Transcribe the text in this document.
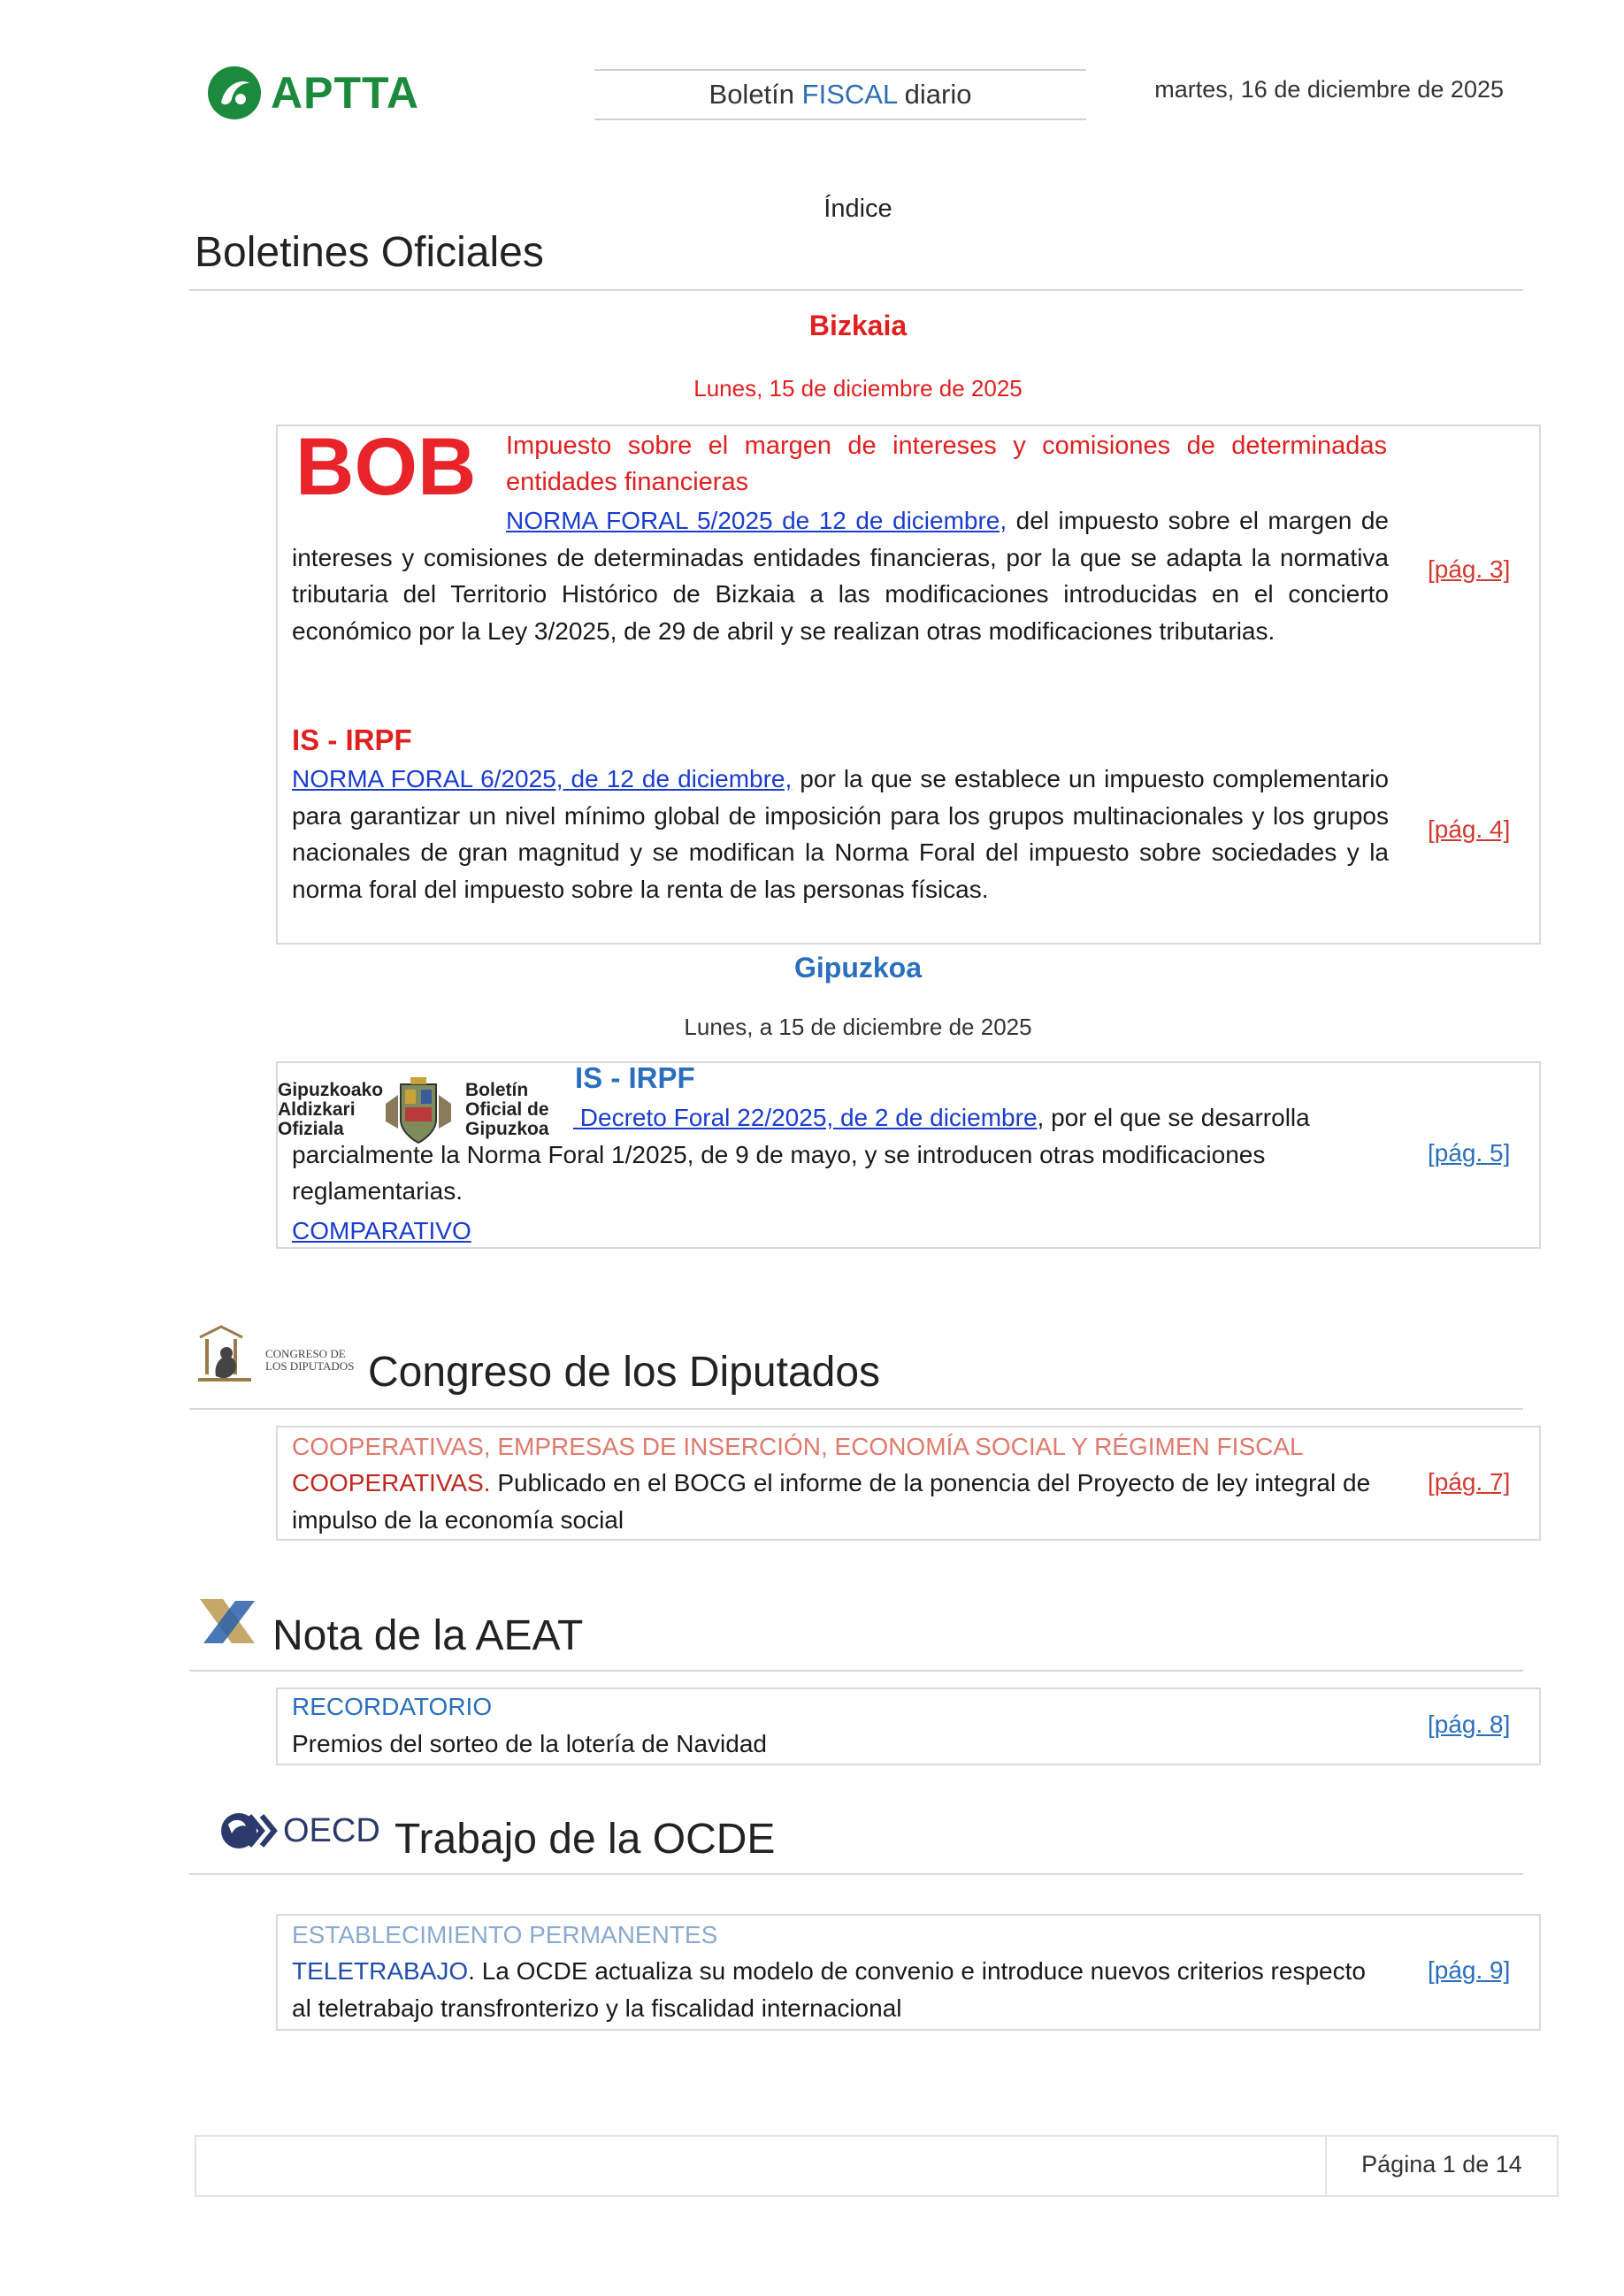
APTTA	Boletín FISCAL diario	martes, 16 de diciembre de 2025
Índice
Boletines Oficiales
Bizkaia
Lunes, 15 de diciembre de 2025
BOB Impuesto sobre el margen de intereses y comisiones de determinadas entidades financieras
NORMA FORAL 5/2025 de 12 de diciembre, del impuesto sobre el margen de intereses y comisiones de determinadas entidades financieras, por la que se adapta la normativa tributaria del Territorio Histórico de Bizkaia a las modificaciones introducidas en el concierto económico por la Ley 3/2025, de 29 de abril y se realizan otras modificaciones tributarias.
[pág. 3]
IS - IRPF
NORMA FORAL 6/2025, de 12 de diciembre, por la que se establece un impuesto complementario para garantizar un nivel mínimo global de imposición para los grupos multinacionales y los grupos nacionales de gran magnitud y se modifican la Norma Foral del impuesto sobre sociedades y la norma foral del impuesto sobre la renta de las personas físicas.
[pág. 4]
Gipuzkoa
Lunes, a 15 de diciembre de 2025
Gipuzkoako
Aldizkari
Ofiziala
Boletín
Oficial de
Gipuzkoa
IS - IRPF
Decreto Foral 22/2025, de 2 de diciembre, por el que se desarrolla parcialmente la Norma Foral 1/2025, de 9 de mayo, y se introducen otras modificaciones reglamentarias.
COMPARATIVO
[pág. 5]
CONGRESO DE
LOS DIPUTADOS Congreso de los Diputados
COOPERATIVAS, EMPRESAS DE INSERCIÓN, ECONOMÍA SOCIAL Y RÉGIMEN FISCAL
COOPERATIVAS. Publicado en el BOCG el informe de la ponencia del Proyecto de ley integral de impulso de la economía social
[pág. 7]
Nota de la AEAT
RECORDATORIO
Premios del sorteo de la lotería de Navidad
[pág. 8]
OECD Trabajo de la OCDE
ESTABLECIMIENTO PERMANENTES
TELETRABAJO. La OCDE actualiza su modelo de convenio e introduce nuevos criterios respecto al teletrabajo transfronterizo y la fiscalidad internacional
[pág. 9]
Página 1 de 14
